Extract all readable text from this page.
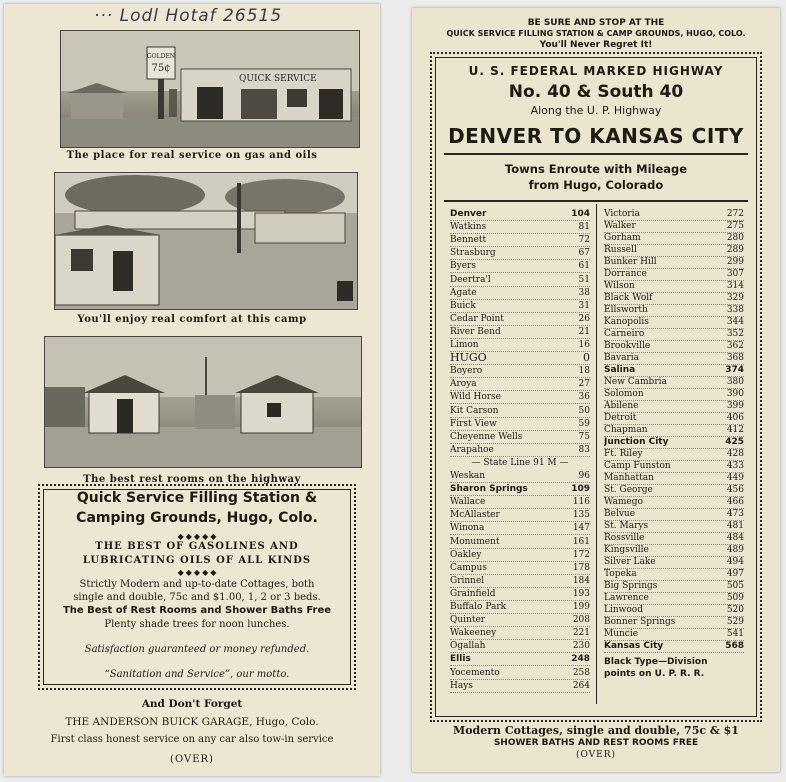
··· Lodl Hotaf 26515
GOLDEN
75¢
QUICK SERVICE
The place for real service on gas and oils
You'll enjoy real comfort at this camp
The best rest rooms on the highway
Quick Service Filling Station &
Camping Grounds, Hugo, Colo.
◆◆◆◆◆
THE BEST OF GASOLINES AND
LUBRICATING OILS OF ALL KINDS
◆◆◆◆◆
Strictly Modern and up-to-date Cottages, both
single and double, 75c and $1.00, 1, 2 or 3 beds.
The Best of Rest Rooms and Shower Baths Free
Plenty shade trees for noon lunches.
Satisfaction guaranteed or money refunded.
“Sanitation and Service”, our motto.
And Don't Forget
THE ANDERSON BUICK GARAGE, Hugo, Colo.
First class honest service on any car also tow-in service
(OVER)
BE SURE AND STOP AT THE
QUICK SERVICE FILLING STATION & CAMP GROUNDS, HUGO, COLO.
You'll Never Regret It!
U. S. FEDERAL MARKED HIGHWAY
No. 40 & South 40
Along the U. P. Highway
DENVER TO KANSAS CITY
Towns Enroute with Mileage
from Hugo, Colorado
Denver	104
Watkins	81
Bennett	72
Strasburg	67
Byers	61
Deertra'l	51
Agate	38
Buick	31
Cedar Point	26
River Bend	21
Limon	16
HUGO	0
Boyero	18
Aroya	27
Wild Horse	36
Kit Carson	50
First View	59
Cheyenne Wells	75
Arapahoe	83
— State Line 91 M —
Weskan	96
Sharon Springs	109
Wallace	116
McAllaster	135
Winona	147
Monument	161
Oakley	172
Campus	178
Grinnel	184
Grainfield	193
Buffalo Park	199
Quinter	208
Wakeeney	221
Ogallah	230
Ellis	248
Yocemento	258
Hays	264
Victoria	272
Walker	275
Gorham	280
Russell	289
Bunker Hill	299
Dorrance	307
Wilson	314
Black Wolf	329
Ellsworth	338
Kanopolis	344
Carneiro	352
Brookville	362
Bavaria	368
Salina	374
New Cambria	380
Solomon	390
Abilene	399
Detroit	406
Chapman	412
Junction City	425
Ft. Riley	428
Camp Funston	433
Manhattan	449
St. George	456
Wamego	466
Belvue	473
St. Marys	481
Rossville	484
Kingsville	489
Silver Lake	494
Topeka	497
Big Springs	505
Lawrence	509
Linwood	520
Bonner Springs	529
Muncie	541
Kansas City	568
Black Type—Division
points on U. P. R. R.
Modern Cottages, single and double, 75c & $1
SHOWER BATHS AND REST ROOMS FREE
(OVER)
